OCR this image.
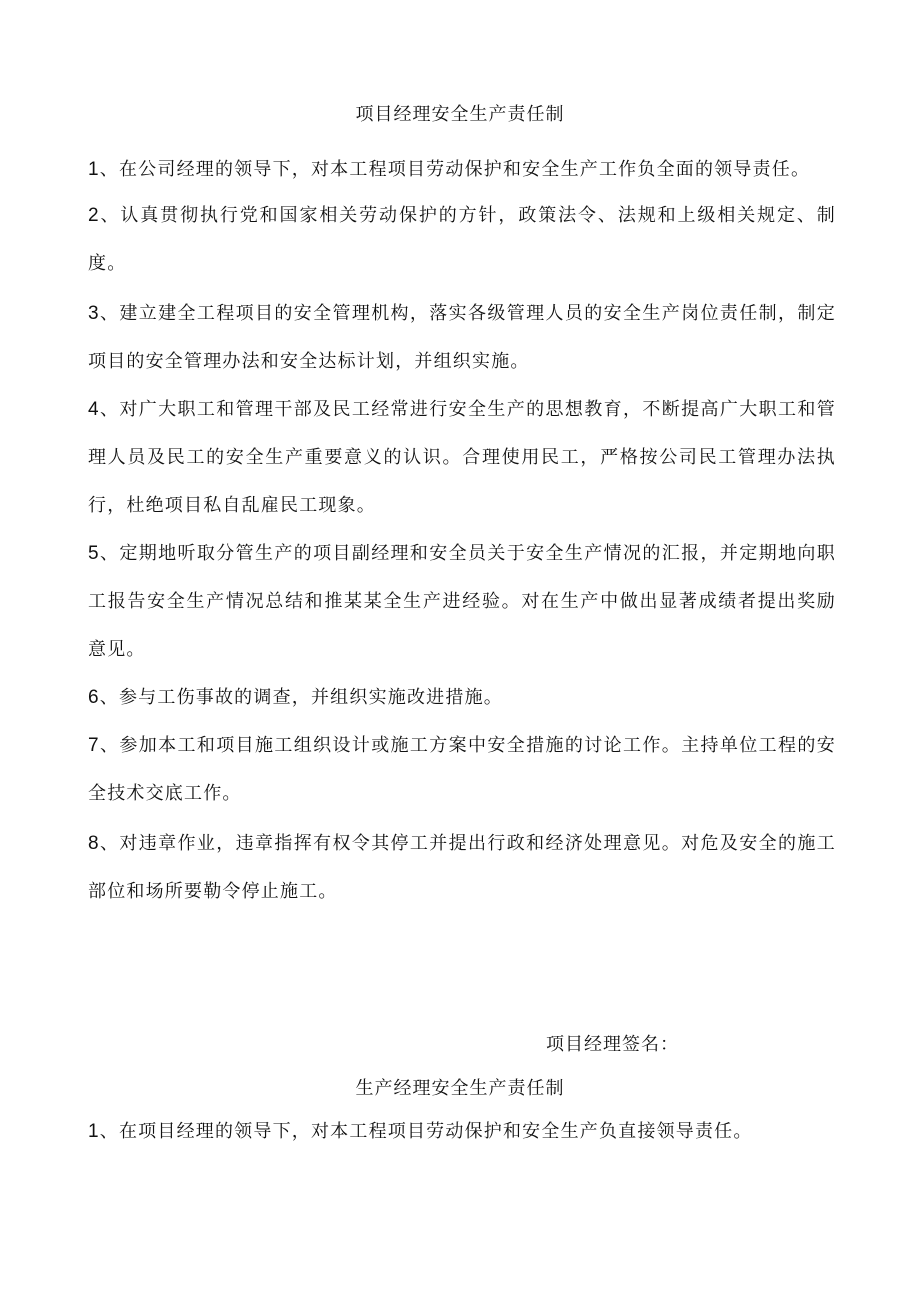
项目经理安全生产责任制
1、在公司经理的领导下，对本工程项目劳动保护和安全生产工作负全面的领导责任。
2、认真贯彻执行党和国家相关劳动保护的方针，政策法令、法规和上级相关规定、制度。
3、建立建全工程项目的安全管理机构，落实各级管理人员的安全生产岗位责任制，制定项目的安全管理办法和安全达标计划，并组织实施。
4、对广大职工和管理干部及民工经常进行安全生产的思想教育，不断提高广大职工和管理人员及民工的安全生产重要意义的认识。合理使用民工，严格按公司民工管理办法执行，杜绝项目私自乱雇民工现象。
5、定期地听取分管生产的项目副经理和安全员关于安全生产情况的汇报，并定期地向职工报告安全生产情况总结和推某某全生产进经验。对在生产中做出显著成绩者提出奖励意见。
6、参与工伤事故的调查，并组织实施改进措施。
7、参加本工和项目施工组织设计或施工方案中安全措施的讨论工作。主持单位工程的安全技术交底工作。
8、对违章作业，违章指挥有权令其停工并提出行政和经济处理意见。对危及安全的施工部位和场所要勒令停止施工。
项目经理签名：
生产经理安全生产责任制
1、在项目经理的领导下，对本工程项目劳动保护和安全生产负直接领导责任。
